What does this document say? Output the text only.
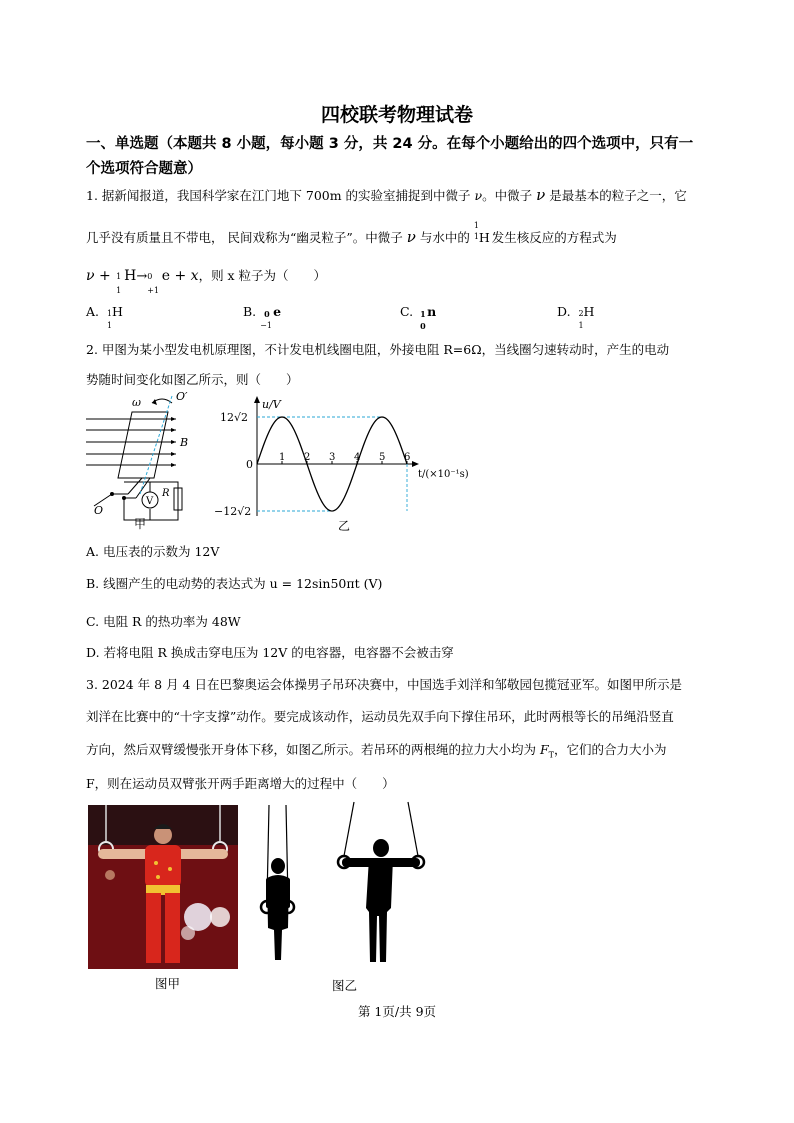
四校联考物理试卷
一、单选题（本题共 8 小题，每小题 3 分，共 24 分。在每个小题给出的四个选项中，只有一
个选项符合题意）
1. 据新闻报道，我国科学家在江门地下 700m 的实验室捕捉到中微子 ν。中微子 ν 是最基本的粒子之一，它
几乎没有质量且不带电， 民间戏称为“幽灵粒子”。中微子 ν 与水中的
1
1 H 发生核反应的方程式为
ν + 1
1
H→ 0
+1
e + x，则 x 粒子为（　　）
A. 1
1
H	B. 0
−1
e	C. 1
0
n	D. 2
1
H
2. 甲图为某小型发电机原理图，不计发电机线圈电阻，外接电阻 R=6Ω，当线圈匀速转动时，产生的电动
势随时间变化如图乙所示，则（　　）
ω	O′
B
O
V
R
甲
1 2 3 4 5 6
12√2
0
−12√2
u/V
t/(×10⁻¹s)
乙
A. 电压表的示数为 12V
B. 线圈产生的电动势的表达式为 u = 12sin50πt (V)
C. 电阻 R 的热功率为 48W
D. 若将电阻 R 换成击穿电压为 12V 的电容器，电容器不会被击穿
3. 2024 年 8 月 4 日在巴黎奥运会体操男子吊环决赛中，中国选手刘洋和邹敬园包揽冠亚军。如图甲所示是
刘洋在比赛中的“十字支撑”动作。要完成该动作，运动员先双手向下撑住吊环，此时两根等长的吊绳沿竖直
方向，然后双臂缓慢张开身体下移，如图乙所示。若吊环的两根绳的拉力大小均为 $F_T$，它们的合力大小为
F，则在运动员双臂张开两手距离增大的过程中（　　）
图甲	图乙
第 1页/共 9页
